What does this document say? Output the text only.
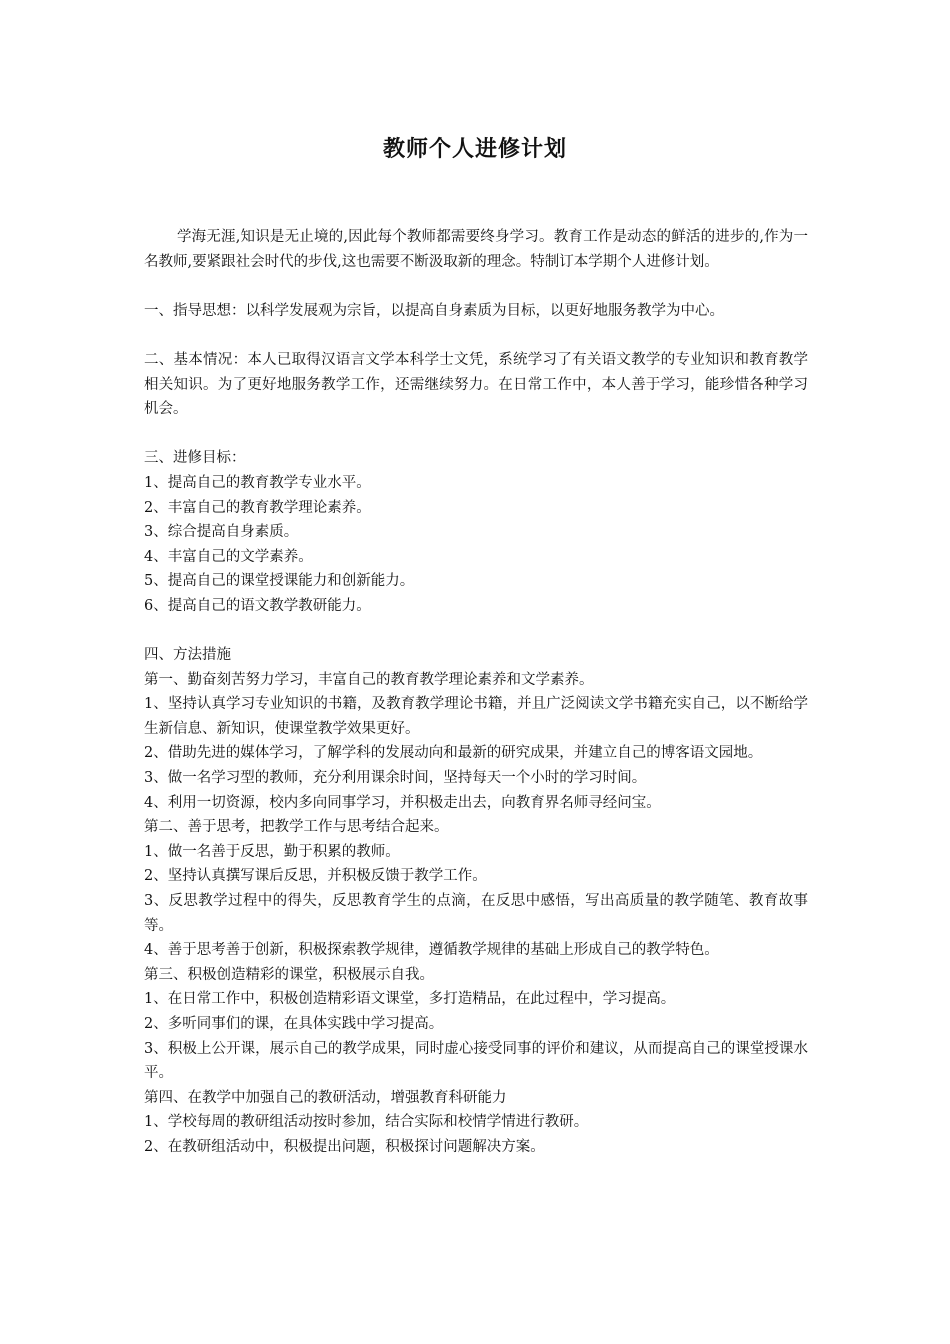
教师个人进修计划

学海无涯,知识是无止境的,因此每个教师都需要终身学习。教育工作是动态的鲜活的进步的,作为一名教师,要紧跟社会时代的步伐,这也需要不断汲取新的理念。特制订本学期个人进修计划。

一、指导思想：以科学发展观为宗旨，以提高自身素质为目标，以更好地服务教学为中心。

二、基本情况：本人已取得汉语言文学本科学士文凭，系统学习了有关语文教学的专业知识和教育教学相关知识。为了更好地服务教学工作，还需继续努力。在日常工作中，本人善于学习，能珍惜各种学习机会。

三、进修目标：

1、提高自己的教育教学专业水平。

2、丰富自己的教育教学理论素养。

3、综合提高自身素质。

4、丰富自己的文学素养。

5、提高自己的课堂授课能力和创新能力。

6、提高自己的语文教学教研能力。

四、方法措施

第一、勤奋刻苦努力学习，丰富自己的教育教学理论素养和文学素养。

1、坚持认真学习专业知识的书籍，及教育教学理论书籍，并且广泛阅读文学书籍充实自己，以不断给学生新信息、新知识，使课堂教学效果更好。

2、借助先进的媒体学习，了解学科的发展动向和最新的研究成果，并建立自己的博客语文园地。

3、做一名学习型的教师，充分利用课余时间，坚持每天一个小时的学习时间。

4、利用一切资源，校内多向同事学习，并积极走出去，向教育界名师寻经问宝。

第二、善于思考，把教学工作与思考结合起来。

1、做一名善于反思，勤于积累的教师。

2、坚持认真撰写课后反思，并积极反馈于教学工作。

3、反思教学过程中的得失，反思教育学生的点滴，在反思中感悟，写出高质量的教学随笔、教育故事等。

4、善于思考善于创新，积极探索教学规律，遵循教学规律的基础上形成自己的教学特色。

第三、积极创造精彩的课堂，积极展示自我。

1、在日常工作中，积极创造精彩语文课堂，多打造精品，在此过程中，学习提高。

2、多听同事们的课，在具体实践中学习提高。

3、积极上公开课，展示自己的教学成果，同时虚心接受同事的评价和建议，从而提高自己的课堂授课水平。

第四、在教学中加强自己的教研活动，增强教育科研能力

1、学校每周的教研组活动按时参加，结合实际和校情学情进行教研。

2、在教研组活动中，积极提出问题，积极探讨问题解决方案。
